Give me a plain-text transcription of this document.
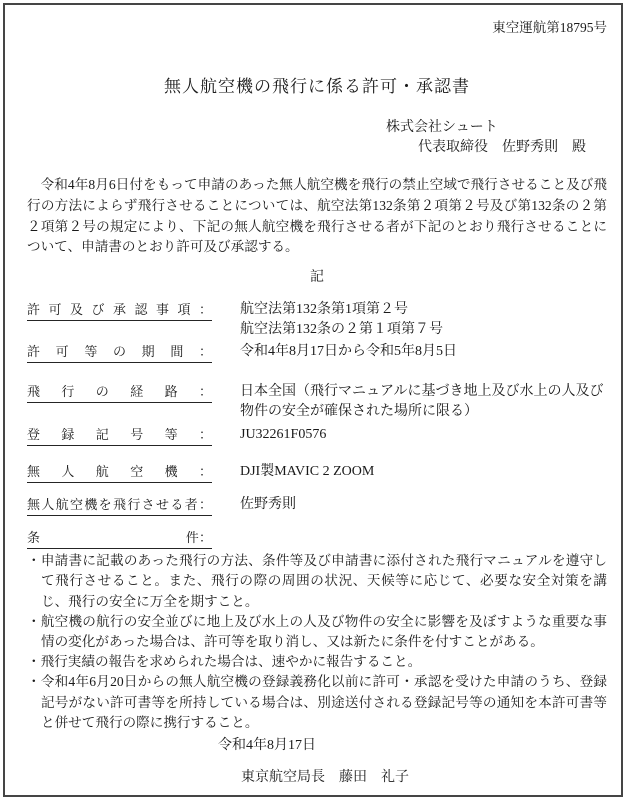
東空運航第18795号
無人航空機の飛行に係る許可・承認書
株式会社シュート
代表取締役　佐野秀則　殿
令和4年8月6日付をもって申請のあった無人航空機を飛行の禁止空域で飛行させること及び飛行の方法によらず飛行させることについては、航空法第132条第２項第２号及び第132条の２第２項第２号の規定により、下記の無人航空機を飛行させる者が下記のとおり飛行させることについて、申請書のとおり許可及び承認する。
記
許可及び承認事項： 航空法第132条第1項第２号
航空法第132条の２第１項第７号
許可等の期間： 令和4年8月17日から令和5年8月5日
飛行の経路： 日本全国（飛行マニュアルに基づき地上及び水上の人及び物件の安全が確保された場所に限る）
登録記号等： JU32261F0576
無人航空機： DJI製MAVIC 2 ZOOM
無人航空機を飛行させる者： 佐野秀則
条　　　　　　　　　　　件：
・申請書に記載のあった飛行の方法、条件等及び申請書に添付された飛行マニュアルを遵守して飛行させること。また、飛行の際の周囲の状況、天候等に応じて、必要な安全対策を講じ、飛行の安全に万全を期すこと。
・航空機の航行の安全並びに地上及び水上の人及び物件の安全に影響を及ぼすような重要な事情の変化があった場合は、許可等を取り消し、又は新たに条件を付すことがある。
・飛行実績の報告を求められた場合は、速やかに報告すること。
・令和4年6月20日からの無人航空機の登録義務化以前に許可・承認を受けた申請のうち、登録記号がない許可書等を所持している場合は、別途送付される登録記号等の通知を本許可書等と併せて飛行の際に携行すること。
令和4年8月17日
東京航空局長　藤田　礼子
